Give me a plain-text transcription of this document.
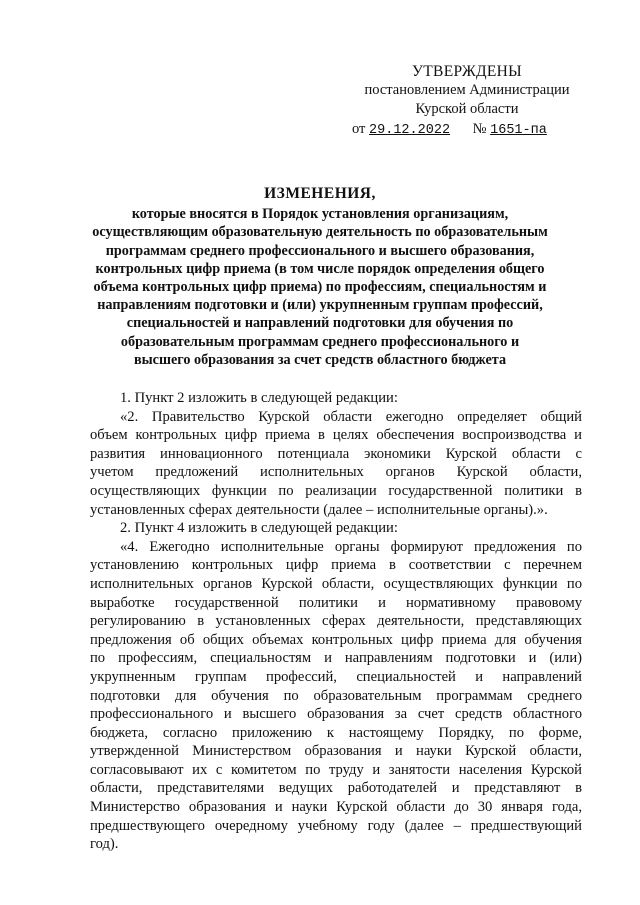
УТВЕРЖДЕНЫ
постановлением Администрации
Курской области
от 29.12.2022 № 1651-па
ИЗМЕНЕНИЯ,
которые вносятся в Порядок установления организациям,
осуществляющим образовательную деятельность по образовательным
программам среднего профессионального и высшего образования,
контрольных цифр приема (в том числе порядок определения общего
объема контрольных цифр приема) по профессиям, специальностям и
направлениям подготовки и (или) укрупненным группам профессий,
специальностей и направлений подготовки для обучения по
образовательным программам среднего профессионального и
высшего образования за счет средств областного бюджета
1. Пункт 2 изложить в следующей редакции:
«2. Правительство Курской области ежегодно определяет общий
объем контрольных цифр приема в целях обеспечения воспроизводства и
развития инновационного потенциала экономики Курской области с
учетом предложений исполнительных органов Курской области,
осуществляющих функции по реализации государственной политики в
установленных сферах деятельности (далее – исполнительные органы).».
2. Пункт 4 изложить в следующей редакции:
«4. Ежегодно исполнительные органы формируют предложения по
установлению контрольных цифр приема в соответствии с перечнем
исполнительных органов Курской области, осуществляющих функции по
выработке государственной политики и нормативному правовому
регулированию в установленных сферах деятельности, представляющих
предложения об общих объемах контрольных цифр приема для обучения
по профессиям, специальностям и направлениям подготовки и (или)
укрупненным группам профессий, специальностей и направлений
подготовки для обучения по образовательным программам среднего
профессионального и высшего образования за счет средств областного
бюджета, согласно приложению к настоящему Порядку, по форме,
утвержденной Министерством образования и науки Курской области,
согласовывают их с комитетом по труду и занятости населения Курской
области, представителями ведущих работодателей и представляют в
Министерство образования и науки Курской области до 30 января года,
предшествующего очередному учебному году (далее – предшествующий
год).
